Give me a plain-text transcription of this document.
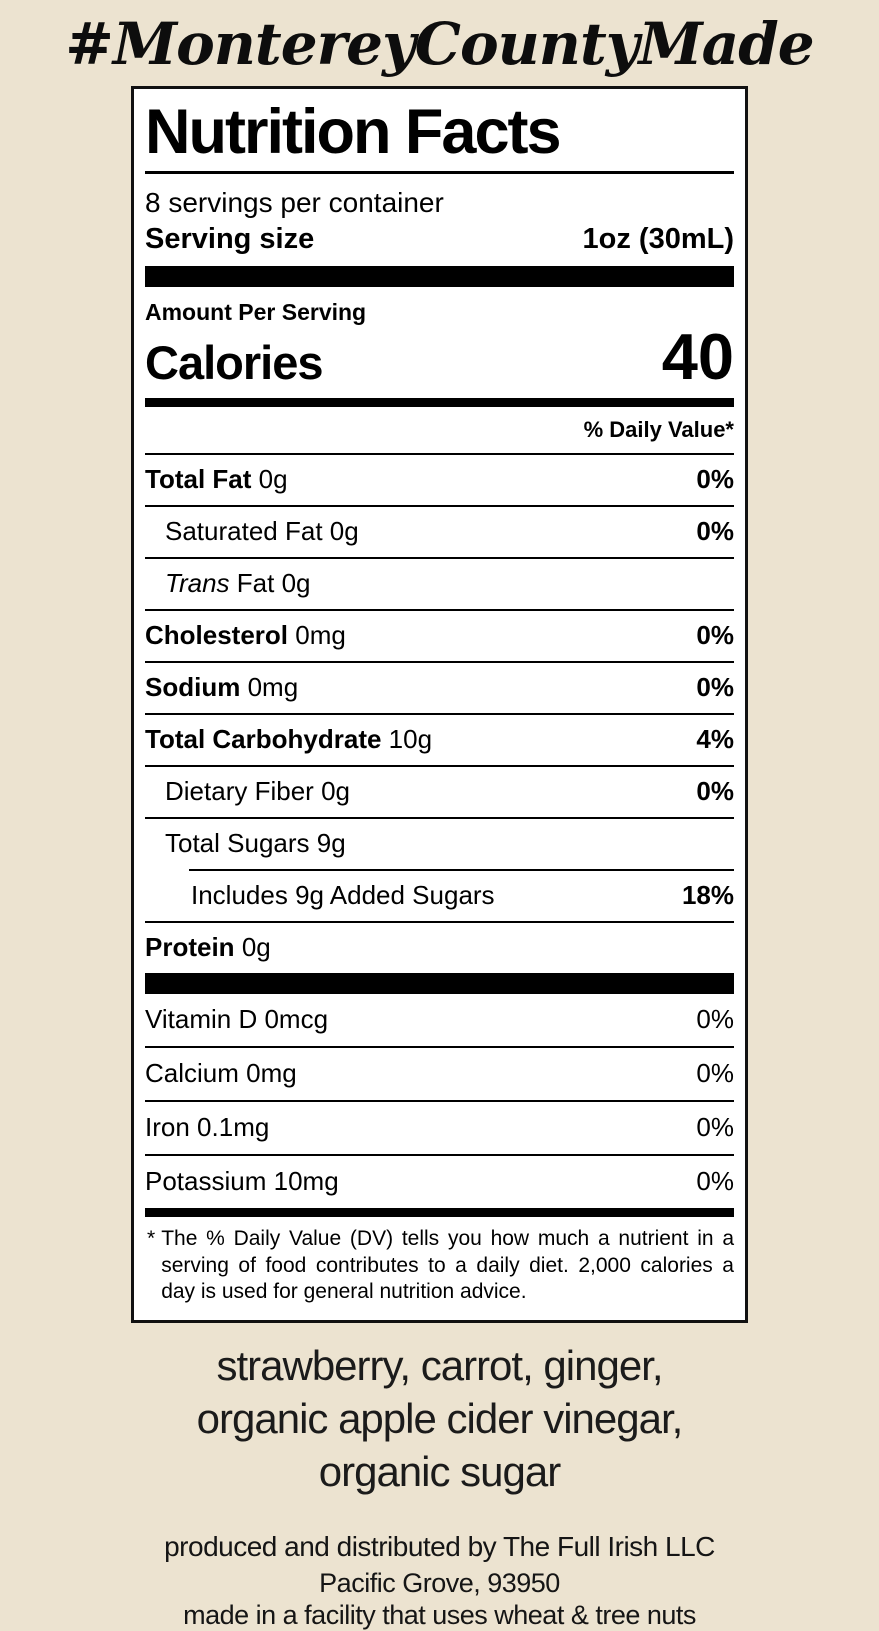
#MontereyCountyMade
Nutrition Facts
8 servings per container
Serving size	1oz (30mL)
Amount Per Serving
Calories	40
% Daily Value*
Total Fat 0g	0%
Saturated Fat 0g	0%
Trans Fat 0g
Cholesterol 0mg	0%
Sodium 0mg	0%
Total Carbohydrate 10g	4%
Dietary Fiber 0g	0%
Total Sugars 9g
Includes 9g Added Sugars	18%
Protein 0g
Vitamin D 0mcg	0%
Calcium 0mg	0%
Iron 0.1mg	0%
Potassium 10mg	0%
* The % Daily Value (DV) tells you how much a nutrient in a serving of food contributes to a daily diet. 2,000 calories a day is used for general nutrition advice.
strawberry, carrot, ginger,
organic apple cider vinegar,
organic sugar
produced and distributed by The Full Irish LLC
Pacific Grove, 93950
made in a facility that uses wheat & tree nuts
